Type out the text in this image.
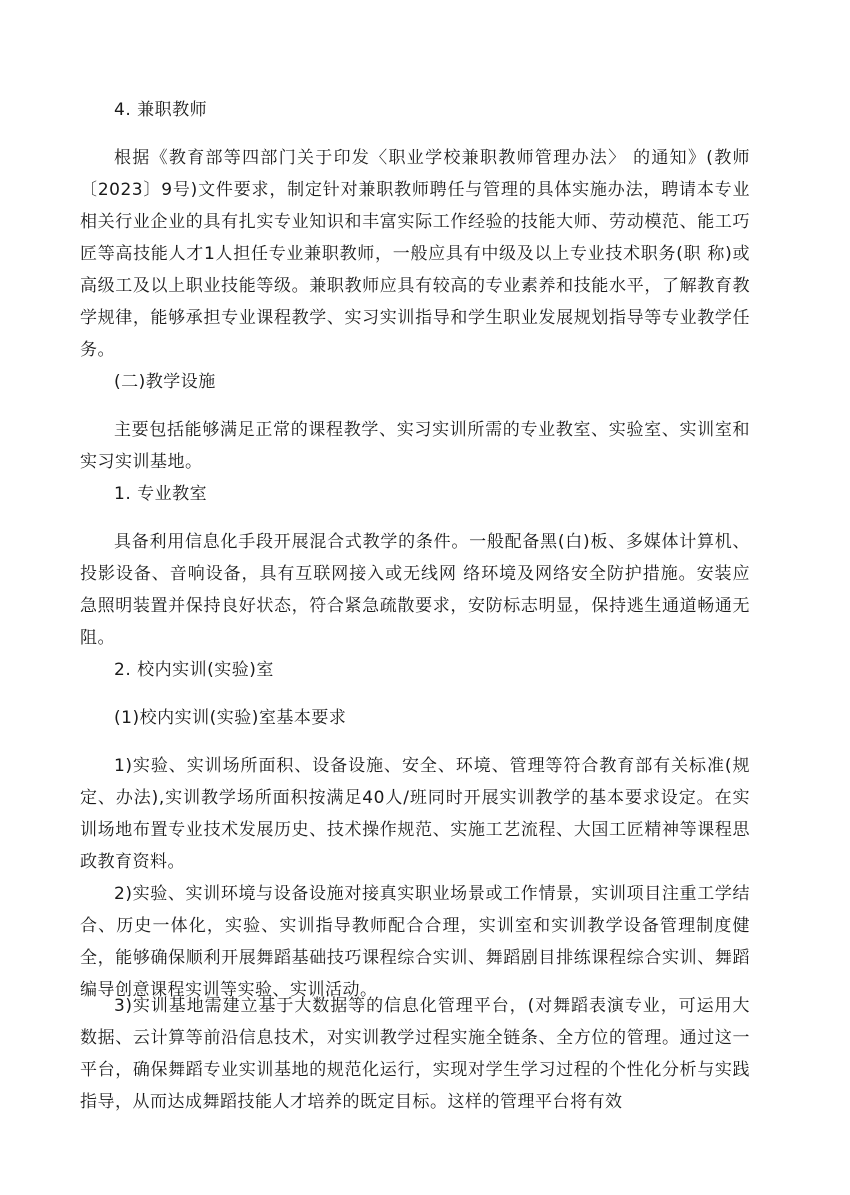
4. 兼职教师

根据《教育部等四部门关于印发〈职业学校兼职教师管理办法〉 的通知》(教师〔2023〕9号)文件要求，制定针对兼职教师聘任与管理的具体实施办法，聘请本专业相关行业企业的具有扎实专业知识和丰富实际工作经验的技能大师、劳动模范、能工巧匠等高技能人才1人担任专业兼职教师，一般应具有中级及以上专业技术职务(职 称)或高级工及以上职业技能等级。兼职教师应具有较高的专业素养和技能水平，了解教育教学规律，能够承担专业课程教学、实习实训指导和学生职业发展规划指导等专业教学任务。

(二)教学设施

主要包括能够满足正常的课程教学、实习实训所需的专业教室、实验室、实训室和实习实训基地。

1. 专业教室

具备利用信息化手段开展混合式教学的条件。一般配备黑(白)板、多媒体计算机、投影设备、音响设备，具有互联网接入或无线网 络环境及网络安全防护措施。安装应急照明装置并保持良好状态，符合紧急疏散要求，安防标志明显，保持逃生通道畅通无阻。

2. 校内实训(实验)室

(1)校内实训(实验)室基本要求

1)实验、实训场所面积、设备设施、安全、环境、管理等符合教育部有关标准(规定、办法),实训教学场所面积按满足40人/班同时开展实训教学的基本要求设定。在实训场地布置专业技术发展历史、技术操作规范、实施工艺流程、大国工匠精神等课程思政教育资料。

2)实验、实训环境与设备设施对接真实职业场景或工作情景，实训项目注重工学结合、历史一体化，实验、实训指导教师配合合理，实训室和实训教学设备管理制度健全，能够确保顺利开展舞蹈基础技巧课程综合实训、舞蹈剧目排练课程综合实训、舞蹈编导创意课程实训等实验、实训活动。

3)实训基地需建立基于大数据等的信息化管理平台，(对舞蹈表演专业，可运用大数据、云计算等前沿信息技术，对实训教学过程实施全链条、全方位的管理。通过这一平台，确保舞蹈专业实训基地的规范化运行，实现对学生学习过程的个性化分析与实践指导，从而达成舞蹈技能人才培养的既定目标。这样的管理平台将有效
